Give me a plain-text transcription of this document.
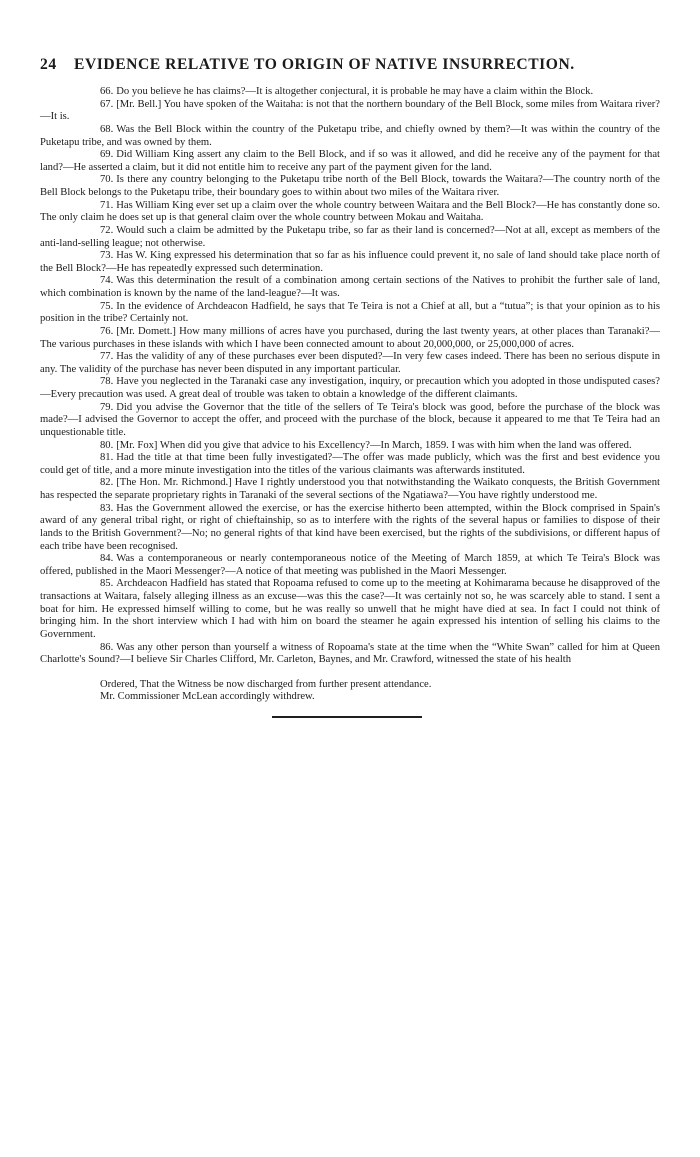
24	EVIDENCE RELATIVE TO ORIGIN OF NATIVE INSURRECTION.

66. Do you believe he has claims?—It is altogether conjectural, it is probable he may have a claim within the Block.

67. [Mr. Bell.] You have spoken of the Waitaha: is not that the northern boundary of the Bell Block, some miles from Waitara river?—It is.

68. Was the Bell Block within the country of the Puketapu tribe, and chiefly owned by them?—It was within the country of the Puketapu tribe, and was owned by them.

69. Did William King assert any claim to the Bell Block, and if so was it allowed, and did he receive any of the payment for that land?—He asserted a claim, but it did not entitle him to receive any part of the payment given for the land.

70. Is there any country belonging to the Puketapu tribe north of the Bell Block, towards the Waitara?—The country north of the Bell Block belongs to the Puketapu tribe, their boundary goes to within about two miles of the Waitara river.

71. Has William King ever set up a claim over the whole country between Waitara and the Bell Block?—He has constantly done so. The only claim he does set up is that general claim over the whole country between Mokau and Waitaha.

72. Would such a claim be admitted by the Puketapu tribe, so far as their land is concerned?—Not at all, except as members of the anti-land-selling league; not otherwise.

73. Has W. King expressed his determination that so far as his influence could prevent it, no sale of land should take place north of the Bell Block?—He has repeatedly expressed such determination.

74. Was this determination the result of a combination among certain sections of the Natives to prohibit the further sale of land, which combination is known by the name of the land-league?—It was.

75. In the evidence of Archdeacon Hadfield, he says that Te Teira is not a Chief at all, but a “tutua”; is that your opinion as to his position in the tribe? Certainly not.

76. [Mr. Domett.] How many millions of acres have you purchased, during the last twenty years, at other places than Taranaki?—The various purchases in these islands with which I have been connected amount to about 20,000,000, or 25,000,000 of acres.

77. Has the validity of any of these purchases ever been disputed?—In very few cases indeed. There has been no serious dispute in any. The validity of the purchase has never been disputed in any important particular.

78. Have you neglected in the Taranaki case any investigation, inquiry, or precaution which you adopted in those undisputed cases?—Every precaution was used. A great deal of trouble was taken to obtain a knowledge of the different claimants.

79. Did you advise the Governor that the title of the sellers of Te Teira's block was good, before the purchase of the block was made?—I advised the Governor to accept the offer, and proceed with the purchase of the block, because it appeared to me that Te Teira had an unquestionable title.

80. [Mr. Fox] When did you give that advice to his Excellency?—In March, 1859. I was with him when the land was offered.

81. Had the title at that time been fully investigated?—The offer was made publicly, which was the first and best evidence you could get of title, and a more minute investigation into the titles of the various claimants was afterwards instituted.

82. [The Hon. Mr. Richmond.] Have I rightly understood you that notwithstanding the Waikato conquests, the British Government has respected the separate proprietary rights in Taranaki of the several sections of the Ngatiawa?—You have rightly understood me.

83. Has the Government allowed the exercise, or has the exercise hitherto been attempted, within the Block comprised in Spain's award of any general tribal right, or right of chieftainship, so as to interfere with the rights of the several hapus or families to dispose of their lands to the British Government?—No; no general rights of that kind have been exercised, but the rights of the subdivisions, or different hapus of each tribe have been recognised.

84. Was a contemporaneous or nearly contemporaneous notice of the Meeting of March 1859, at which Te Teira's Block was offered, published in the Maori Messenger?—A notice of that meeting was published in the Maori Messenger.

85. Archdeacon Hadfield has stated that Ropoama refused to come up to the meeting at Kohimarama because he disapproved of the transactions at Waitara, falsely alleging illness as an excuse—was this the case?—It was certainly not so, he was scarcely able to stand. I sent a boat for him. He expressed himself willing to come, but he was really so unwell that he might have died at sea. In fact I could not think of bringing him. In the short interview which I had with him on board the steamer he again expressed his intention of selling his claims to the Government.

86. Was any other person than yourself a witness of Ropoama's state at the time when the “White Swan” called for him at Queen Charlotte's Sound?—I believe Sir Charles Clifford, Mr. Carleton, Baynes, and Mr. Crawford, witnessed the state of his health

Ordered, That the Witness be now discharged from further present attendance.

Mr. Commissioner McLean accordingly withdrew.
